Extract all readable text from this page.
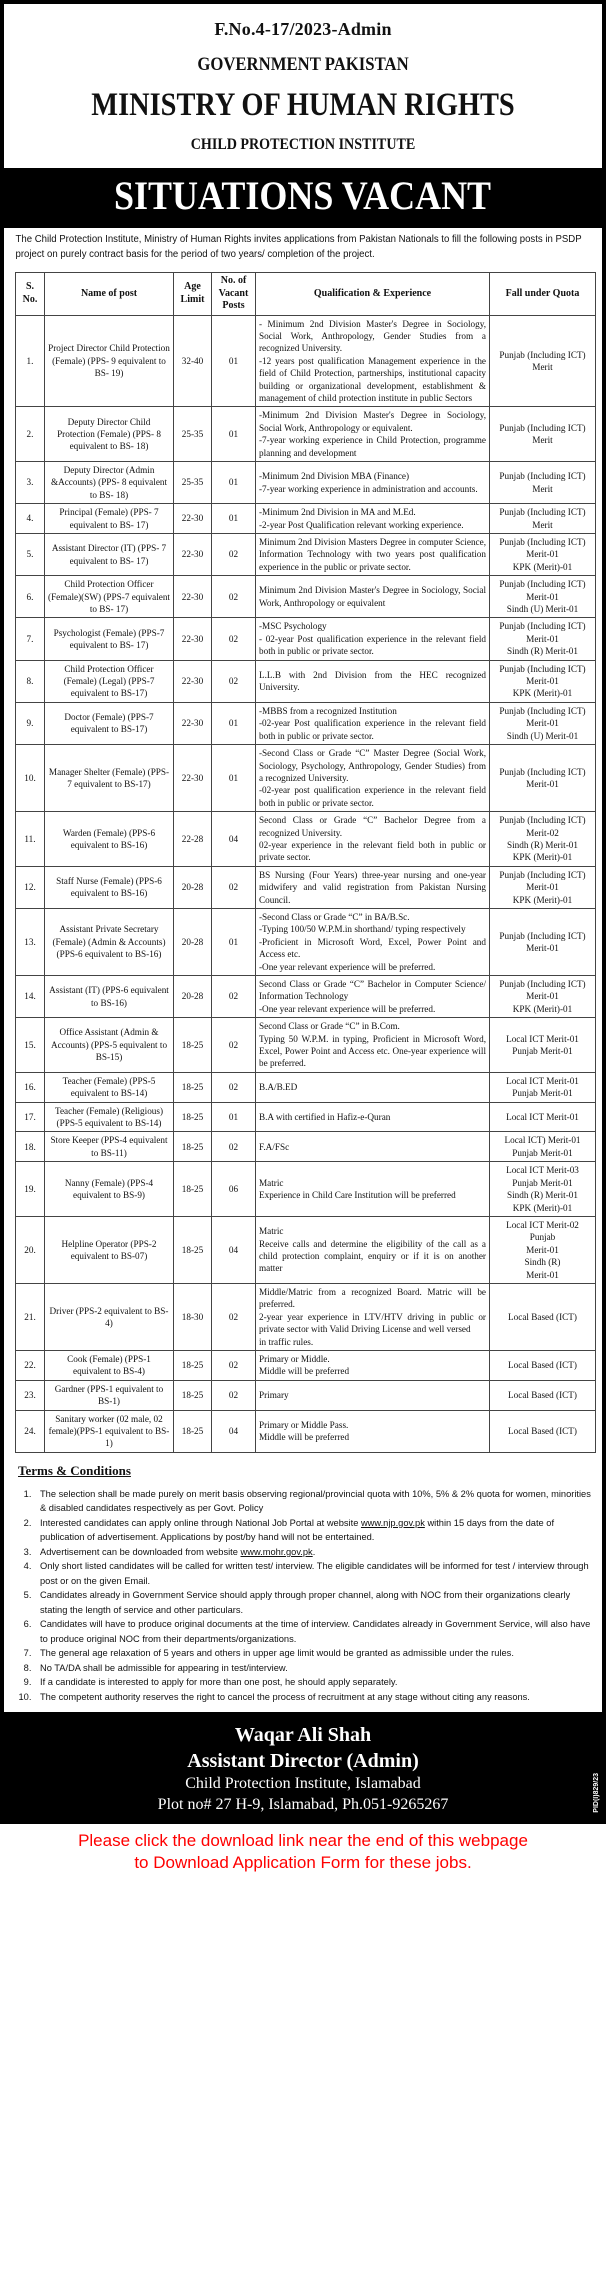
F.No.4-17/2023-Admin
GOVERNMENT PAKISTAN
MINISTRY OF HUMAN RIGHTS
CHILD PROTECTION INSTITUTE
SITUATIONS VACANT
The Child Protection Institute, Ministry of Human Rights invites applications from Pakistan Nationals to fill the following posts in PSDP project on purely contract basis for the period of two years/ completion of the project.
S. No.	Name of post	Age Limit	No. of Vacant Posts	Qualification & Experience	Fall under Quota
1.	Project Director Child Protection (Female) (PPS- 9 equivalent to BS- 19)	32-40	01	- Minimum 2nd Division Master's Degree in Sociology, Social Work, Anthropology, Gender Studies from a recognized University.
-12 years post qualification Management experience in the field of Child Protection, partnerships, institutional capacity building or organizational development, establishment & management of child protection institute in public Sectors	Punjab (Including ICT) Merit
2.	Deputy Director Child Protection (Female) (PPS- 8 equivalent to BS- 18)	25-35	01	-Minimum 2nd Division Master's Degree in Sociology, Social Work, Anthropology or equivalent.
-7-year working experience in Child Protection, programme planning and development	Punjab (Including ICT) Merit
3.	Deputy Director (Admin &Accounts) (PPS- 8 equivalent to BS- 18)	25-35	01	-Minimum 2nd Division MBA (Finance)
-7-year working experience in administration and accounts.	Punjab (Including ICT) Merit
4.	Principal (Female) (PPS- 7 equivalent to BS- 17)	22-30	01	-Minimum 2nd Division in MA and M.Ed.
-2-year Post Qualification relevant working experience.	Punjab (Including ICT) Merit
5.	Assistant Director (IT) (PPS- 7 equivalent to BS- 17)	22-30	02	Minimum 2nd Division Masters Degree in computer Science, Information Technology with two years post qualification experience in the public or private sector.	Punjab (Including ICT) Merit-01
KPK (Merit)-01
6.	Child Protection Officer (Female)(SW) (PPS-7 equivalent to BS- 17)	22-30	02	Minimum 2nd Division Master's Degree in Sociology, Social Work, Anthropology or equivalent	Punjab (Including ICT) Merit-01
Sindh (U) Merit-01
7.	Psychologist (Female) (PPS-7 equivalent to BS- 17)	22-30	02	-MSC Psychology
- 02-year Post qualification experience in the relevant field both in public or private sector.	Punjab (Including ICT) Merit-01
Sindh (R) Merit-01
8.	Child Protection Officer (Female) (Legal) (PPS-7 equivalent to BS-17)	22-30	02	L.L.B with 2nd Division from the HEC recognized University.	Punjab (Including ICT) Merit-01
KPK (Merit)-01
9.	Doctor (Female) (PPS-7 equivalent to BS-17)	22-30	01	-MBBS from a recognized Institution
-02-year Post qualification experience in the relevant field both in public or private sector.	Punjab (Including ICT) Merit-01
Sindh (U) Merit-01
10.	Manager Shelter (Female) (PPS-7 equivalent to BS-17)	22-30	01	-Second Class or Grade “C” Master Degree (Social Work, Sociology, Psychology, Anthropology, Gender Studies) from a recognized University.
-02-year post qualification experience in the relevant field both in public or private sector.	Punjab (Including ICT) Merit-01
11.	Warden (Female) (PPS-6 equivalent to BS-16)	22-28	04	Second Class or Grade “C” Bachelor Degree from a recognized University.
02-year experience in the relevant field both in public or private sector.	Punjab (Including ICT) Merit-02
Sindh (R) Merit-01
KPK (Merit)-01
12.	Staff Nurse (Female) (PPS-6 equivalent to BS-16)	20-28	02	BS Nursing (Four Years) three-year nursing and one-year midwifery and valid registration from Pakistan Nursing Council.	Punjab (Including ICT) Merit-01
KPK (Merit)-01
13.	Assistant Private Secretary (Female) (Admin & Accounts) (PPS-6 equivalent to BS-16)	20-28	01	-Second Class or Grade “C” in BA/B.Sc.
-Typing 100/50 W.P.M.in shorthand/ typing respectively
-Proficient in Microsoft Word, Excel, Power Point and Access etc.
-One year relevant experience will be preferred.	Punjab (Including ICT) Merit-01
14.	Assistant (IT) (PPS-6 equivalent to BS-16)	20-28	02	Second Class or Grade “C” Bachelor in Computer Science/ Information Technology
-One year relevant experience will be preferred.	Punjab (Including ICT) Merit-01
KPK (Merit)-01
15.	Office Assistant (Admin & Accounts) (PPS-5 equivalent to BS-15)	18-25	02	Second Class or Grade “C” in B.Com.
Typing 50 W.P.M. in typing, Proficient in Microsoft Word, Excel, Power Point and Access etc. One-year experience will be preferred.	Local ICT Merit-01
Punjab Merit-01
16.	Teacher (Female) (PPS-5 equivalent to BS-14)	18-25	02	B.A/B.ED	Local ICT Merit-01
Punjab Merit-01
17.	Teacher (Female) (Religious) (PPS-5 equivalent to BS-14)	18-25	01	B.A with certified in Hafiz-e-Quran	Local ICT Merit-01
18.	Store Keeper (PPS-4 equivalent to BS-11)	18-25	02	F.A/FSc	Local ICT) Merit-01
Punjab Merit-01
19.	Nanny (Female) (PPS-4 equivalent to BS-9)	18-25	06	Matric
Experience in Child Care Institution will be preferred	Local ICT Merit-03
Punjab Merit-01
Sindh (R) Merit-01
KPK (Merit)-01
20.	Helpline Operator (PPS-2 equivalent to BS-07)	18-25	04	Matric
Receive calls and determine the eligibility of the call as a child protection complaint, enquiry or if it is on another matter	Local ICT Merit-02
Punjab
Merit-01
Sindh (R)
Merit-01
21.	Driver (PPS-2 equivalent to BS-4)	18-30	02	Middle/Matric from a recognized Board. Matric will be preferred.
2-year year experience in LTV/HTV driving in public or private sector with Valid Driving License and well versed
in traffic rules.	Local Based (ICT)
22.	Cook (Female) (PPS-1 equivalent to BS-4)	18-25	02	Primary or Middle.
Middle will be preferred	Local Based (ICT)
23.	Gardner (PPS-1 equivalent to BS-1)	18-25	02	Primary	Local Based (ICT)
24.	Sanitary worker (02 male, 02 female)(PPS-1 equivalent to BS-1)	18-25	04	Primary or Middle Pass.
Middle will be preferred	Local Based (ICT)
Terms & Conditions
1. The selection shall be made purely on merit basis observing regional/provincial quota with 10%, 5% & 2% quota for women, minorities & disabled candidates respectively as per Govt. Policy
2. Interested candidates can apply online through National Job Portal at website www.njp.gov.pk within 15 days from the date of publication of advertisement. Applications by post/by hand will not be entertained.
3. Advertisement can be downloaded from website www.mohr.gov.pk.
4. Only short listed candidates will be called for written test/ interview. The eligible candidates will be informed for test / interview through post or on the given Email.
5. Candidates already in Government Service should apply through proper channel, along with NOC from their organizations clearly stating the length of service and other particulars.
6. Candidates will have to produce original documents at the time of interview. Candidates already in Government Service, will also have to produce original NOC from their departments/organizations.
7. The general age relaxation of 5 years and others in upper age limit would be granted as admissible under the rules.
8. No TA/DA shall be admissible for appearing in test/interview.
9. If a candidate is interested to apply for more than one post, he should apply separately.
10. The competent authority reserves the right to cancel the process of recruitment at any stage without citing any reasons.
Waqar Ali Shah
Assistant Director (Admin)
Child Protection Institute, Islamabad
Plot no# 27 H-9, Islamabad, Ph.051-9265267	PID(I)829/23
Please click the download link near the end of this webpage
to Download Application Form for these jobs.
